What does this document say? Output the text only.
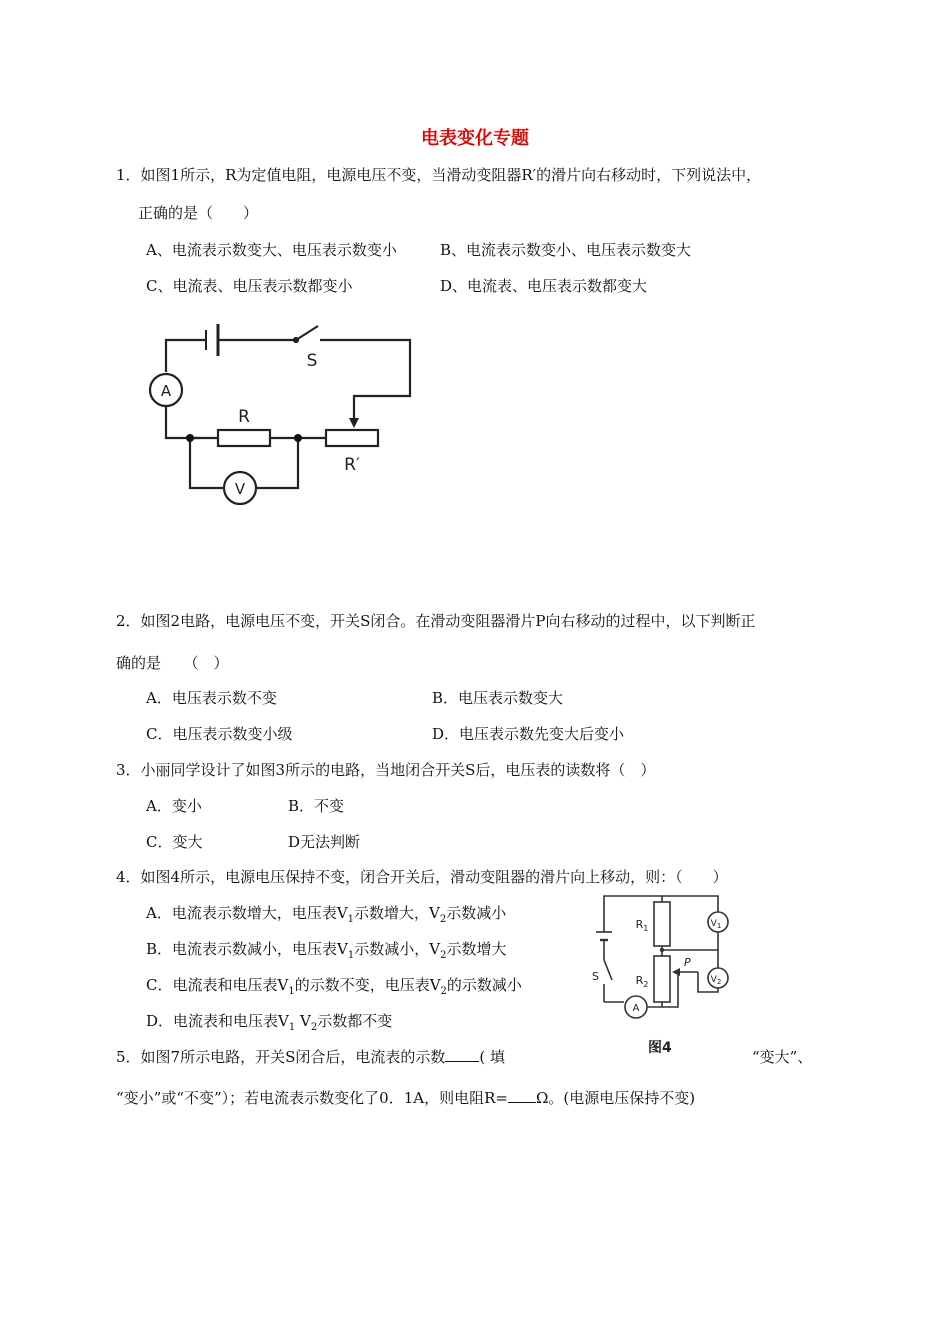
电表变化专题
1．如图1所示，R为定值电阻，电源电压不变，当滑动变阻器R′的滑片向右移动时，下列说法中，
正确的是（　　）
A、电流表示数变大、电压表示数变小	B、电流表示数变小、电压表示数变大
C、电流表、电压表示数都变小	D、电流表、电压表示数都变大
A
S
R
R′
V
2．如图2电路，电源电压不变，开关S闭合。在滑动变阻器滑片P向右移动的过程中，以下判断正
确的是　　（　）
A．电压表示数不变	B．电压表示数变大
C．电压表示数变小级	D．电压表示数先变大后变小
3．小丽同学设计了如图3所示的电路，当地闭合开关S后，电压表的读数将（　）
A．变小	B．不变
C．变大	D无法判断
4．如图4所示，电源电压保持不变，闭合开关后，滑动变阻器的滑片向上移动，则：（　　）
A．电流表示数增大，电压表$V_1$示数增大，$V_2$示数减小
B．电流表示数减小，电压表$V_1$示数减小，$V_2$示数增大
C．电流表和电压表$V_1$的示数不变，电压表$V_2$的示数减小
D．电流表和电压表$V_1$ $V_2$示数都不变
$R_1$
$R_2$
P
S
A
$V_1$
$V_2$
图4
5．如图7所示电路，开关S闭合后，电流表的示数 ( 填	“变大”、
“变小”或“不变”）；若电流表示数变化了0．1A，则电阻R= Ω。(电源电压保持不变)
